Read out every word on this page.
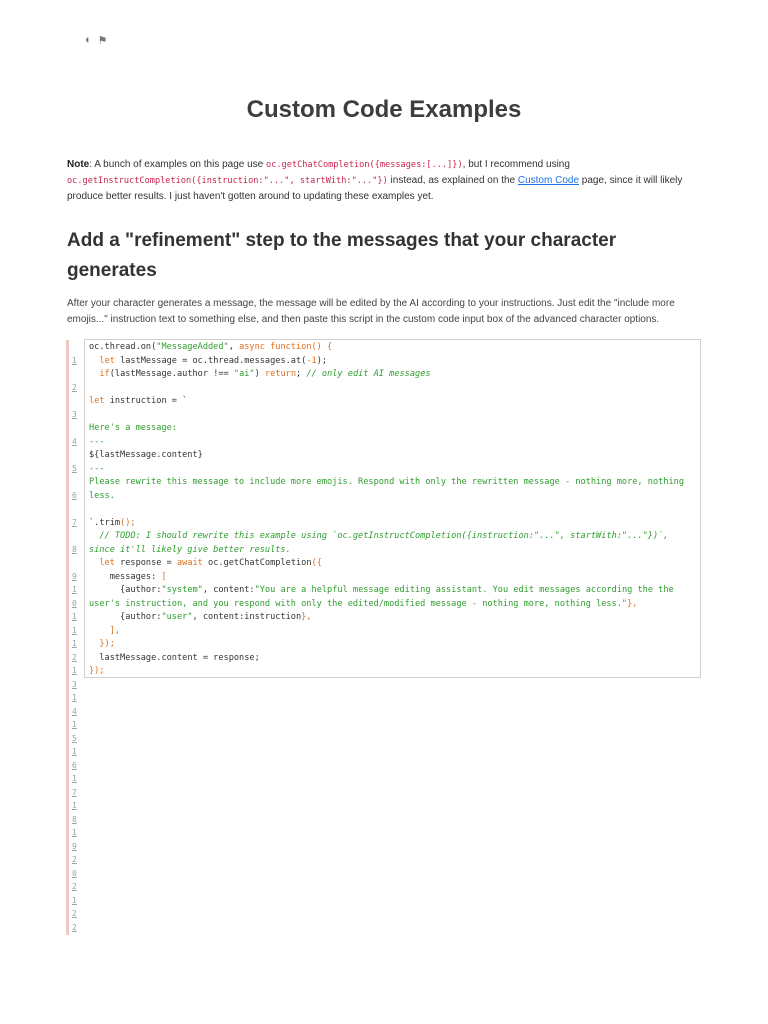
◐ ⚑
Custom Code Examples

Note: A bunch of examples on this page use oc.getChatCompletion({messages:[...]}), but I recommend using oc.getInstructCompletion({instruction:"...", startWith:"..."}) instead, as explained on the Custom Code page, since it will likely produce better results. I just haven't gotten around to updating these examples yet.

Add a "refinement" step to the messages that your character generates

After your character generates a message, the message will be edited by the AI according to your instructions. Just edit the "include more emojis..." instruction text to something else, and then paste this script in the custom code input box of the advanced character options.

1
2
3
4
5
6
7
8
9
1
0
1
1
1
2
1
3
1
4
1
5
1
6
1
7
1
8
1
9
2
0
2
1
2
2
oc.thread.on("MessageAdded", async function() {
let lastMessage = oc.thread.messages.at(-1);
if(lastMessage.author !== "ai") return; // only edit AI messages

let instruction = `

Here's a message:
---
${lastMessage.content}
---
Please rewrite this message to include more emojis. Respond with only the rewritten message - nothing more, nothing less.

`.trim();
// TODO: I should rewrite this example using `oc.getInstructCompletion({instruction:"...", startWith:"..."})`, since it'll likely give better results.
let response = await oc.getChatCompletion({
messages: [
{author:"system", content:"You are a helpful message editing assistant. You edit messages according the the user's instruction, and you respond with only the edited/modified message - nothing more, nothing less."},
{author:"user", content:instruction},
],
});
lastMessage.content = response;
});
